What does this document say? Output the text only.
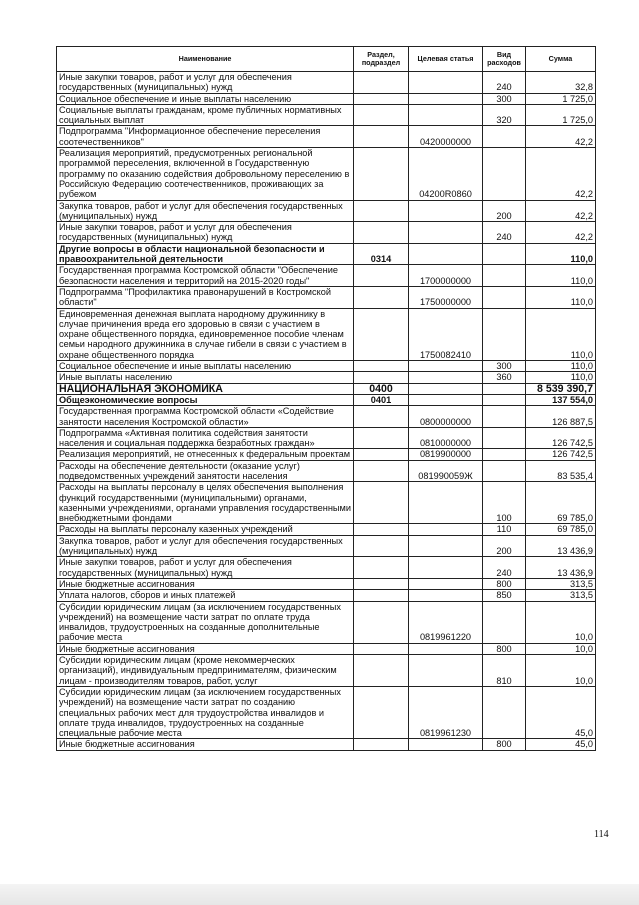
Наименование	Раздел, подраздел	Целевая статья	Вид расходов	Сумма
Иные закупки товаров, работ и услуг для обеспечения государственных (муниципальных) нужд			240	32,8
Социальное обеспечение и иные выплаты населению			300	1 725,0
Социальные выплаты гражданам, кроме публичных нормативных социальных выплат			320	1 725,0
Подпрограмма "Информационное обеспечение переселения соотечественников"		0420000000		42,2
Реализация мероприятий, предусмотренных региональной программой переселения, включенной в Государственную программу по оказанию содействия добровольному переселению в Российскую Федерацию соотечественников, проживающих за рубежом		04200R0860		42,2
Закупка товаров, работ и услуг для обеспечения государственных (муниципальных) нужд			200	42,2
Иные закупки товаров, работ и услуг для обеспечения государственных (муниципальных) нужд			240	42,2
Другие вопросы в области национальной безопасности и правоохранительной деятельности	0314			110,0
Государственная программа Костромской области "Обеспечение безопасности населения и территорий на 2015-2020 годы"		1700000000		110,0
Подпрограмма "Профилактика правонарушений в Костромской области"		1750000000		110,0
Единовременная денежная выплата народному дружиннику в случае причинения вреда его здоровью в связи с участием в охране общественного порядка, единовременное пособие членам семьи народного дружинника в случае гибели в связи с участием в охране общественного порядка		1750082410		110,0
Социальное обеспечение и иные выплаты населению			300	110,0
Иные выплаты населению			360	110,0
НАЦИОНАЛЬНАЯ ЭКОНОМИКА	0400			8 539 390,7
Общеэкономические вопросы	0401			137 554,0
Государственная программа Костромской области «Содействие занятости населения Костромской области»		0800000000		126 887,5
Подпрограмма «Активная политика содействия занятости населения и социальная поддержка безработных граждан»		0810000000		126 742,5
Реализация мероприятий, не отнесенных к федеральным проектам		0819900000		126 742,5
Расходы на обеспечение деятельности (оказание услуг) подведомственных учреждений занятости населения		081990059Ж		83 535,4
Расходы на выплаты персоналу в целях обеспечения выполнения функций государственными (муниципальными) органами, казенными учреждениями, органами управления государственными внебюджетными фондами			100	69 785,0
Расходы на выплаты персоналу казенных учреждений			110	69 785,0
Закупка товаров, работ и услуг для обеспечения государственных (муниципальных) нужд			200	13 436,9
Иные закупки товаров, работ и услуг для обеспечения государственных (муниципальных) нужд			240	13 436,9
Иные бюджетные ассигнования			800	313,5
Уплата налогов, сборов и иных платежей			850	313,5
Субсидии юридическим лицам (за исключением государственных учреждений) на возмещение части затрат по оплате труда инвалидов, трудоустроенных на созданные дополнительные рабочие места		0819961220		10,0
Иные бюджетные ассигнования			800	10,0
Субсидии юридическим лицам (кроме некоммерческих организаций), индивидуальным предпринимателям, физическим лицам - производителям товаров, работ, услуг			810	10,0
Субсидии юридическим лицам (за исключением государственных учреждений) на возмещение части затрат по созданию специальных рабочих мест для трудоустройства инвалидов и оплате труда инвалидов, трудоустроенных на созданные специальные рабочие места		0819961230		45,0
Иные бюджетные ассигнования			800	45,0
114
